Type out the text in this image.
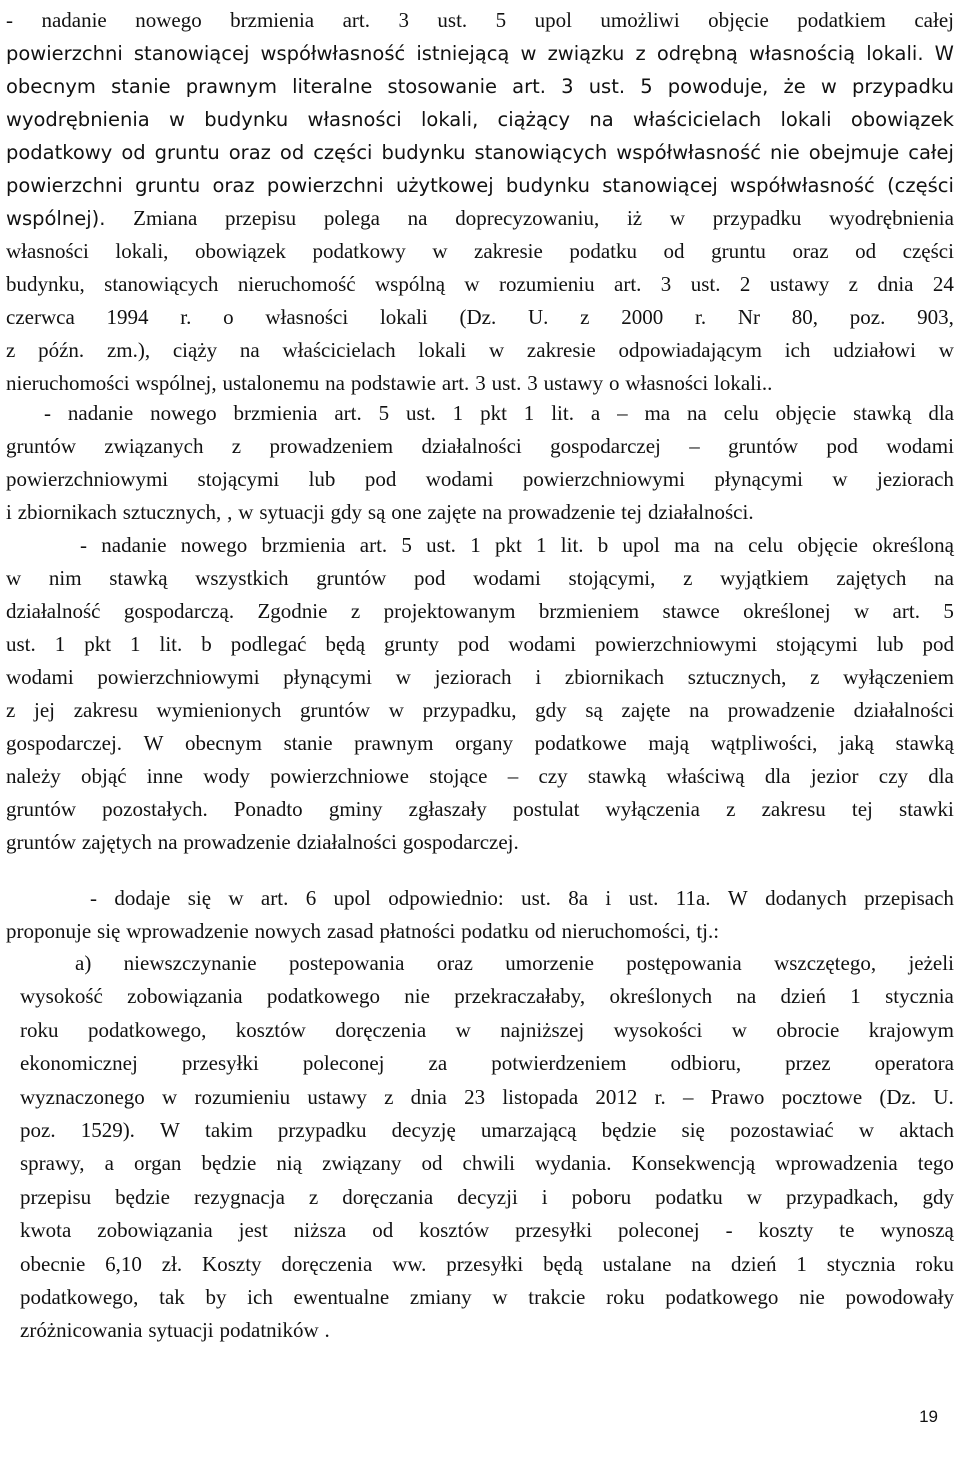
- nadanie nowego brzmienia art. 3 ust. 5 upol umożliwi objęcie podatkiem całej
powierzchni stanowiącej współwłasność istniejącą w związku z odrębną własnością lokali. W
obecnym stanie prawnym literalne stosowanie art. 3 ust. 5 powoduje, że w przypadku
wyodrębnienia w budynku własności lokali, ciążący na właścicielach lokali obowiązek
podatkowy od gruntu oraz od części budynku stanowiących współwłasność nie obejmuje całej
powierzchni gruntu oraz powierzchni użytkowej budynku stanowiącej współwłasność (części
wspólnej). Zmiana przepisu polega na doprecyzowaniu, iż w przypadku wyodrębnienia
własności lokali, obowiązek podatkowy w zakresie podatku od gruntu oraz od części
budynku, stanowiących nieruchomość wspólną w rozumieniu art. 3 ust. 2 ustawy z dnia 24
czerwca 1994 r. o własności lokali (Dz. U. z 2000 r. Nr 80, poz. 903,
z późn. zm.), ciąży na właścicielach lokali w zakresie odpowiadającym ich udziałowi w
nieruchomości wspólnej, ustalonemu na podstawie art. 3 ust. 3 ustawy o własności lokali..
- nadanie nowego brzmienia art. 5 ust. 1 pkt 1 lit. a – ma na celu objęcie stawką dla
gruntów związanych z prowadzeniem działalności gospodarczej – gruntów pod wodami
powierzchniowymi stojącymi lub pod wodami powierzchniowymi płynącymi w jeziorach
i zbiornikach sztucznych, , w sytuacji gdy są one zajęte na prowadzenie tej działalności.
- nadanie nowego brzmienia art. 5 ust. 1 pkt 1 lit. b upol ma na celu objęcie określoną
w nim stawką wszystkich gruntów pod wodami stojącymi, z wyjątkiem zajętych na
działalność gospodarczą. Zgodnie z projektowanym brzmieniem stawce określonej w art. 5
ust. 1 pkt 1 lit. b podlegać będą grunty pod wodami powierzchniowymi stojącymi lub pod
wodami powierzchniowymi płynącymi w jeziorach i zbiornikach sztucznych, z wyłączeniem
z jej zakresu wymienionych gruntów w przypadku, gdy są zajęte na prowadzenie działalności
gospodarczej. W obecnym stanie prawnym organy podatkowe mają wątpliwości, jaką stawką
należy objąć inne wody powierzchniowe stojące – czy stawką właściwą dla jezior czy dla
gruntów pozostałych. Ponadto gminy zgłaszały postulat wyłączenia z zakresu tej stawki
gruntów zajętych na prowadzenie działalności gospodarczej.
- dodaje się w art. 6 upol odpowiednio: ust. 8a i ust. 11a. W dodanych przepisach
proponuje się wprowadzenie nowych zasad płatności podatku od nieruchomości, tj.:
a) niewszczynanie postepowania oraz umorzenie postępowania wszczętego, jeżeli
wysokość zobowiązania podatkowego nie przekraczałaby, określonych na dzień 1 stycznia
roku podatkowego, kosztów doręczenia w najniższej wysokości w obrocie krajowym
ekonomicznej przesyłki poleconej za potwierdzeniem odbioru, przez operatora
wyznaczonego w rozumieniu ustawy z dnia 23 listopada 2012 r. – Prawo pocztowe (Dz. U.
poz. 1529). W takim przypadku decyzję umarzającą będzie się pozostawiać w aktach
sprawy, a organ będzie nią związany od chwili wydania. Konsekwencją wprowadzenia tego
przepisu będzie rezygnacja z doręczania decyzji i poboru podatku w przypadkach, gdy
kwota zobowiązania jest niższa od kosztów przesyłki poleconej - koszty te wynoszą
obecnie 6,10 zł. Koszty doręczenia ww. przesyłki będą ustalane na dzień 1 stycznia roku
podatkowego, tak by ich ewentualne zmiany w trakcie roku podatkowego nie powodowały
zróżnicowania sytuacji podatników .
19
